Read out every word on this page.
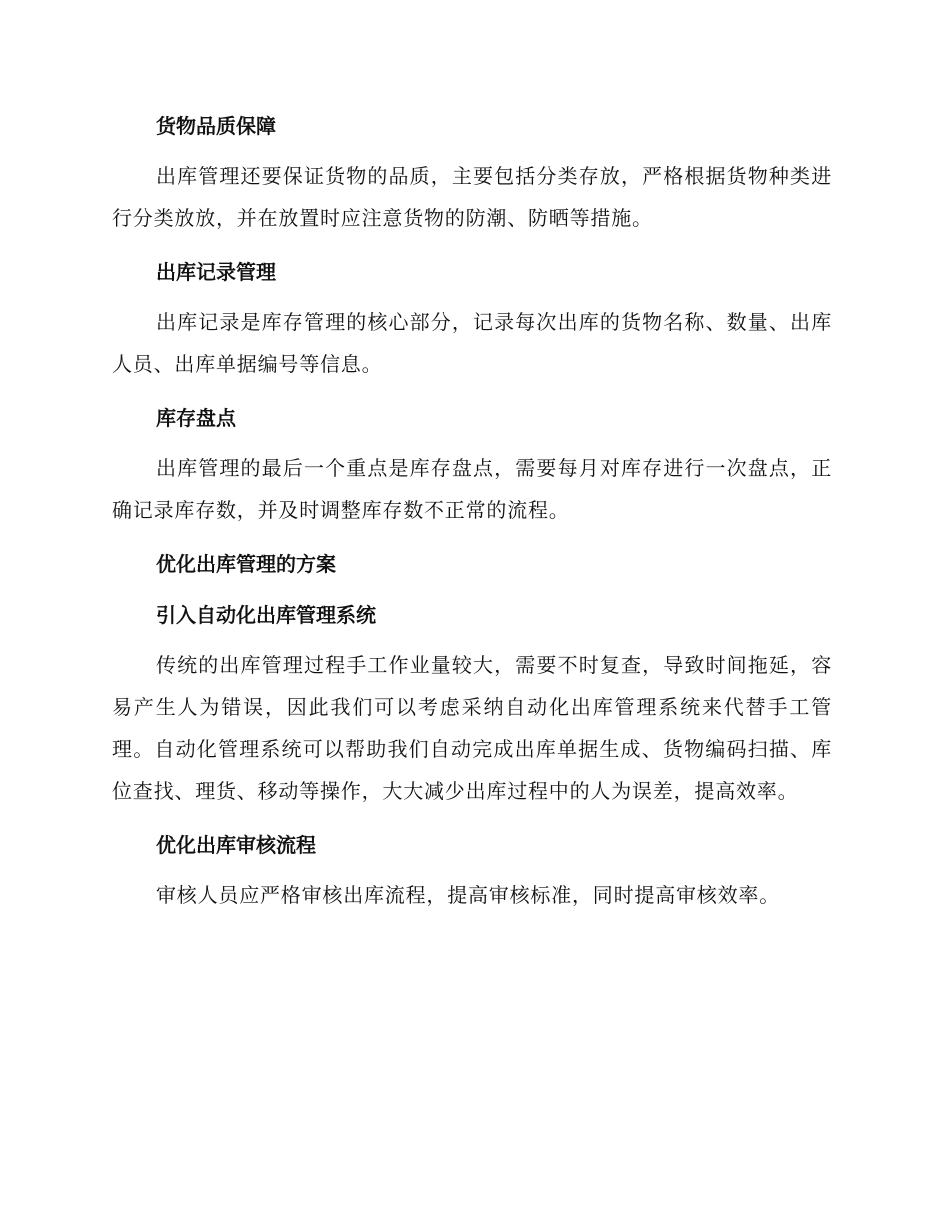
货物品质保障

出库管理还要保证货物的品质，主要包括分类存放，严格根据货物种类进行分类放放，并在放置时应注意货物的防潮、防晒等措施。

出库记录管理

出库记录是库存管理的核心部分，记录每次出库的货物名称、数量、出库人员、出库单据编号等信息。

库存盘点

出库管理的最后一个重点是库存盘点，需要每月对库存进行一次盘点，正确记录库存数，并及时调整库存数不正常的流程。

优化出库管理的方案
引入自动化出库管理系统

传统的出库管理过程手工作业量较大，需要不时复查，导致时间拖延，容易产生人为错误，因此我们可以考虑采纳自动化出库管理系统来代替手工管理。自动化管理系统可以帮助我们自动完成出库单据生成、货物编码扫描、库位查找、理货、移动等操作，大大减少出库过程中的人为误差，提高效率。

优化出库审核流程

审核人员应严格审核出库流程，提高审核标准，同时提高审核效率。
